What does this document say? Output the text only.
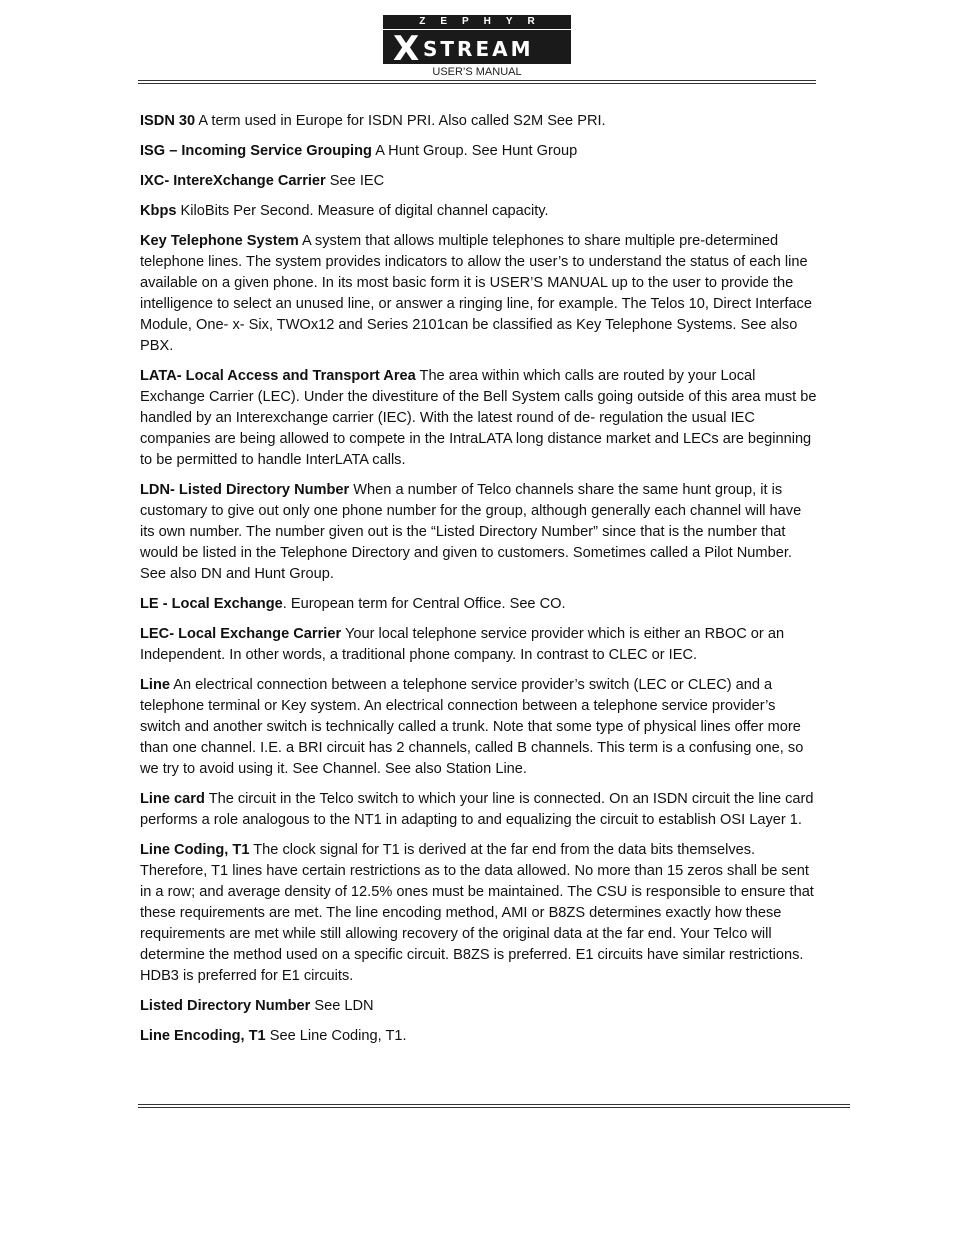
ZEPHYR
X STREAM
USER’S MANUAL

ISDN 30 A term used in Europe for ISDN PRI. Also called S2M See PRI.

ISG – Incoming Service Grouping A Hunt Group. See Hunt Group

IXC- IntereXchange Carrier See IEC

Kbps KiloBits Per Second. Measure of digital channel capacity.

Key Telephone System A system that allows multiple telephones to share multiple pre-determined telephone lines. The system provides indicators to allow the user’s to understand the status of each line available on a given phone. In its most basic form it is USER’S MANUAL up to the user to provide the intelligence to select an unused line, or answer a ringing line, for example. The Telos 10, Direct Interface Module, One- x- Six, TWOx12 and Series 2101can be classified as Key Telephone Systems. See also PBX.

LATA- Local Access and Transport Area The area within which calls are routed by your Local Exchange Carrier (LEC). Under the divestiture of the Bell System calls going outside of this area must be handled by an Interexchange carrier (IEC). With the latest round of de- regulation the usual IEC companies are being allowed to compete in the IntraLATA long distance market and LECs are beginning to be permitted to handle InterLATA calls.

LDN- Listed Directory Number When a number of Telco channels share the same hunt group, it is customary to give out only one phone number for the group, although generally each channel will have its own number. The number given out is the “Listed Directory Number” since that is the number that would be listed in the Telephone Directory and given to customers. Sometimes called a Pilot Number. See also DN and Hunt Group.

LE - Local Exchange. European term for Central Office. See CO.

LEC- Local Exchange Carrier Your local telephone service provider which is either an RBOC or an Independent. In other words, a traditional phone company. In contrast to CLEC or IEC.

Line An electrical connection between a telephone service provider’s switch (LEC or CLEC) and a telephone terminal or Key system. An electrical connection between a telephone service provider’s switch and another switch is technically called a trunk. Note that some type of physical lines offer more than one channel. I.E. a BRI circuit has 2 channels, called B channels. This term is a confusing one, so we try to avoid using it. See Channel. See also Station Line.

Line card The circuit in the Telco switch to which your line is connected. On an ISDN circuit the line card performs a role analogous to the NT1 in adapting to and equalizing the circuit to establish OSI Layer 1.

Line Coding, T1 The clock signal for T1 is derived at the far end from the data bits themselves. Therefore, T1 lines have certain restrictions as to the data allowed. No more than 15 zeros shall be sent in a row; and average density of 12.5% ones must be maintained. The CSU is responsible to ensure that these requirements are met. The line encoding method, AMI or B8ZS determines exactly how these requirements are met while still allowing recovery of the original data at the far end. Your Telco will determine the method used on a specific circuit. B8ZS is preferred. E1 circuits have similar restrictions. HDB3 is preferred for E1 circuits.

Listed Directory Number See LDN

Line Encoding, T1 See Line Coding, T1.
